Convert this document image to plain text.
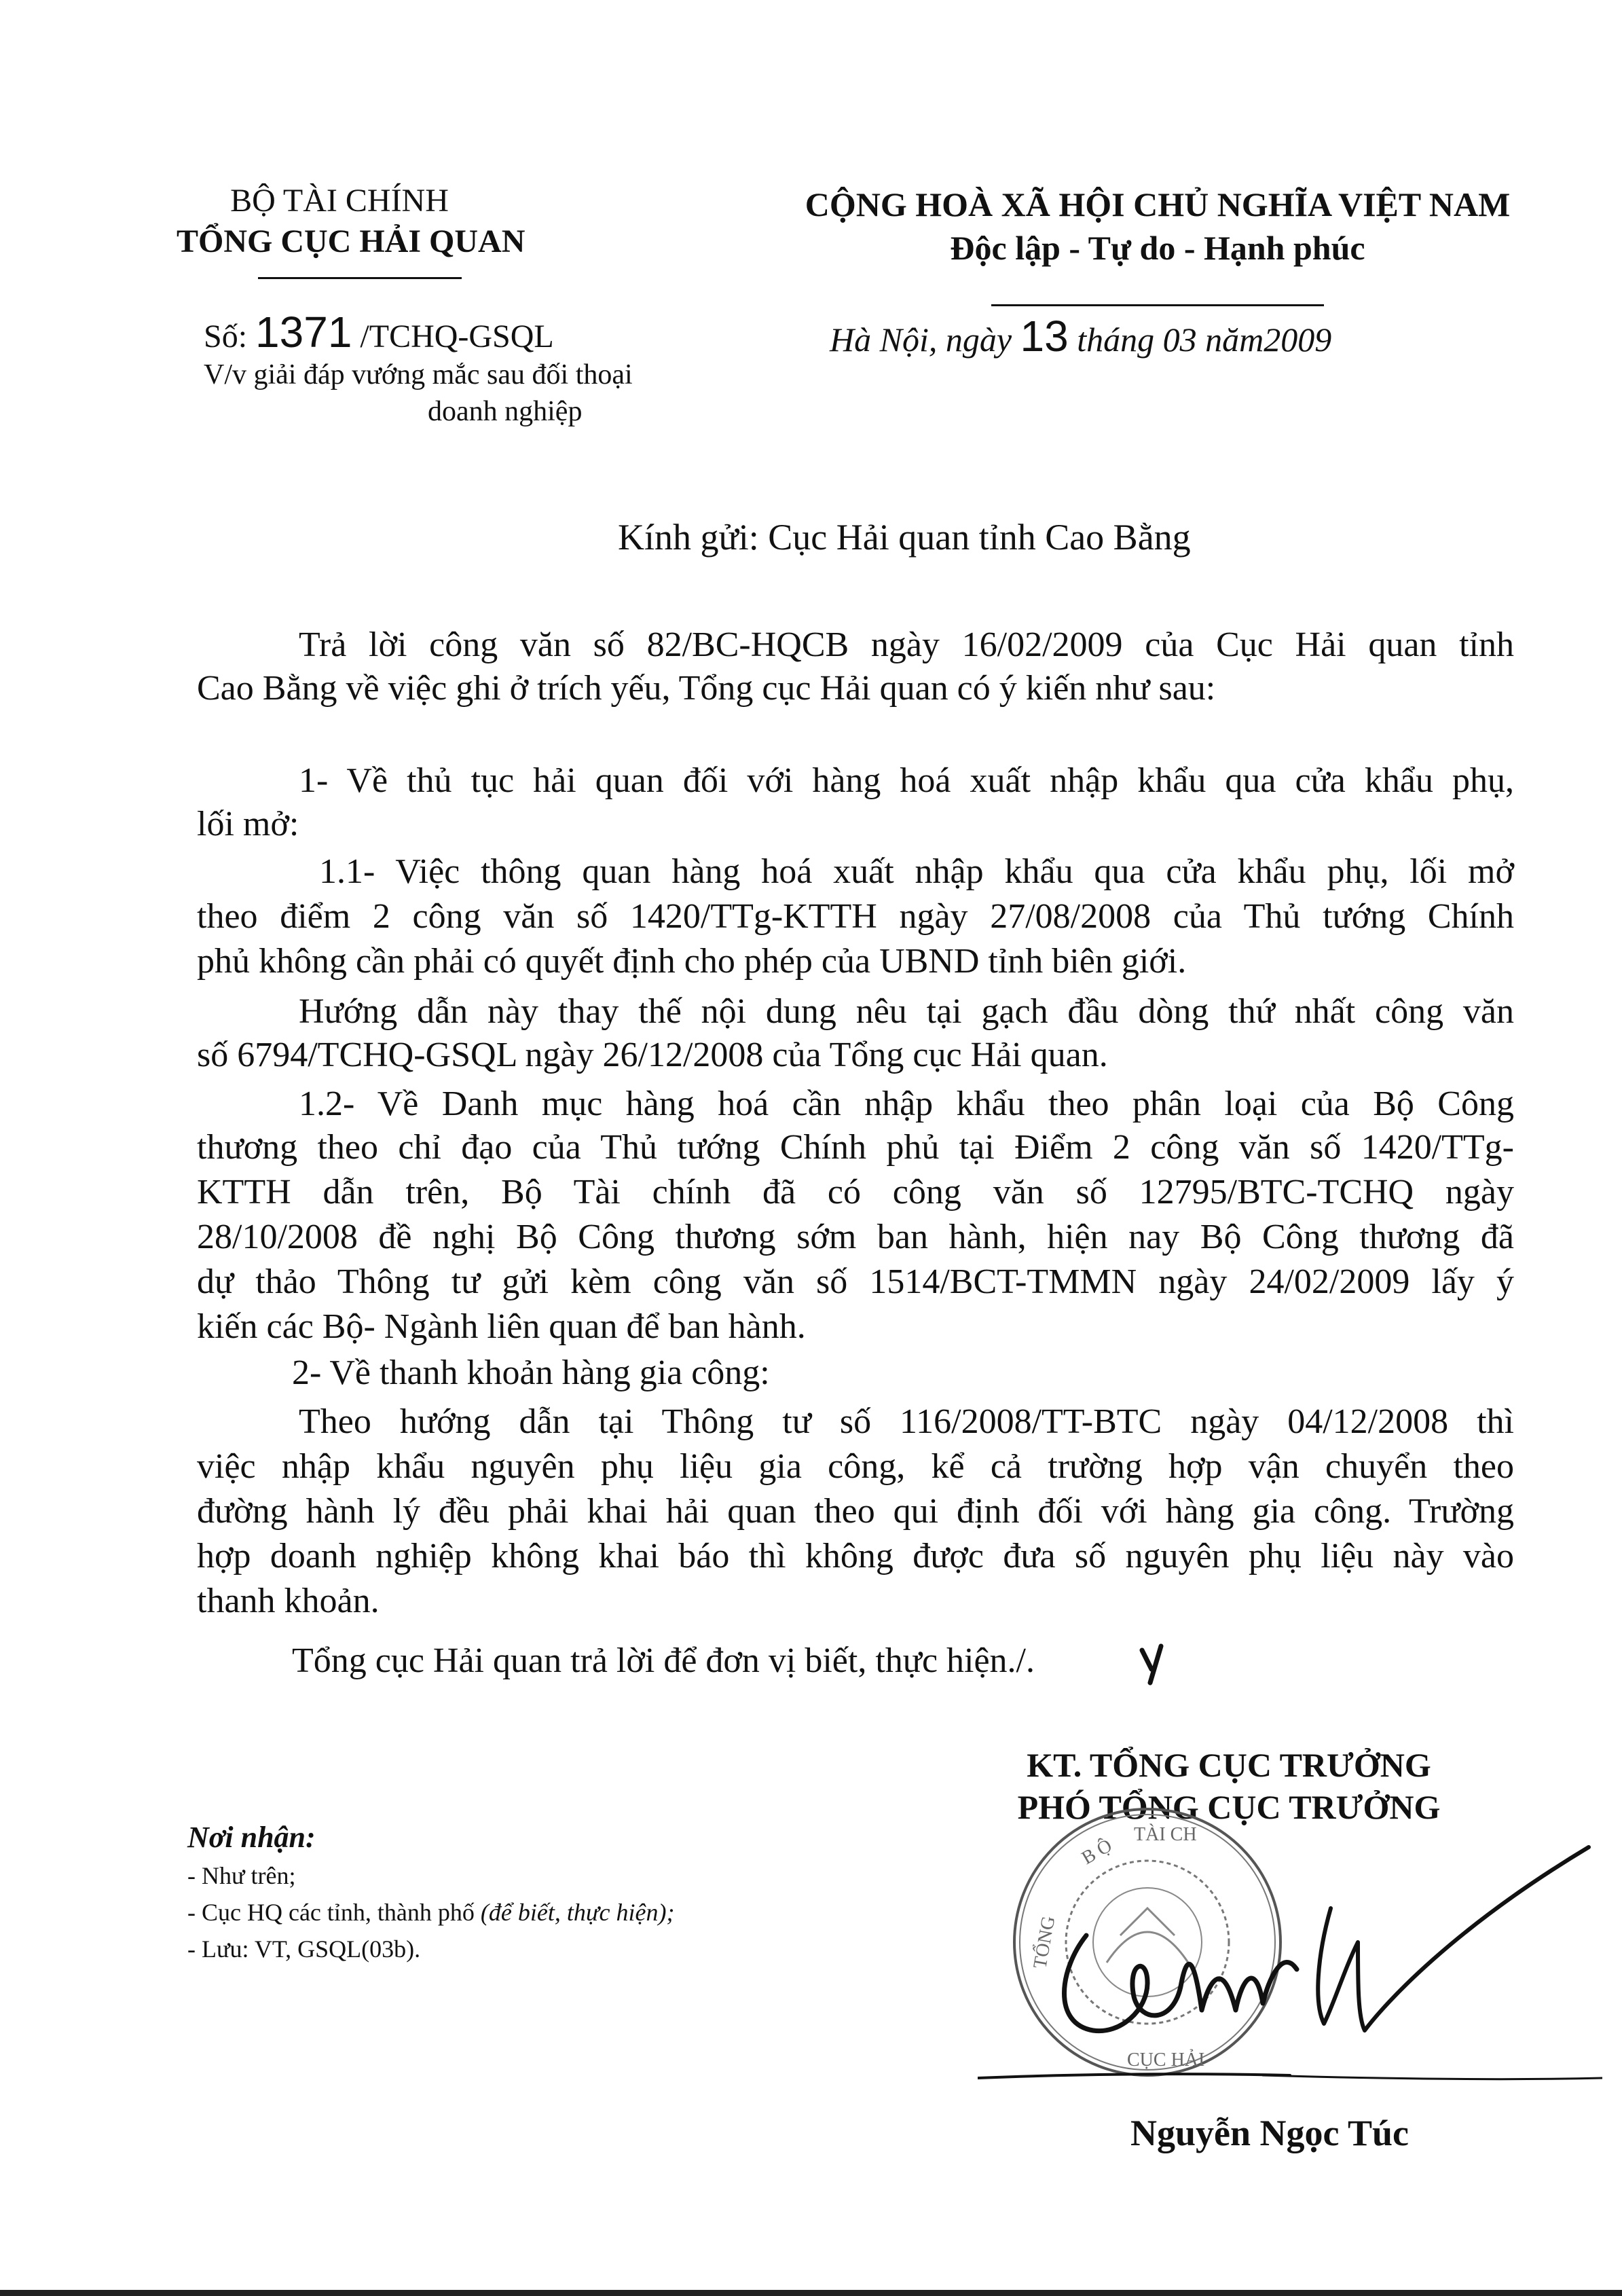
BỘ TÀI CHÍNH
TỔNG CỤC HẢI QUAN
CỘNG HOÀ XÃ HỘI CHỦ NGHĨA VIỆT NAM
Độc lập - Tự do - Hạnh phúc
Số: 1371 /TCHQ-GSQL
V/v giải đáp vướng mắc sau đối thoại
doanh nghiệp
Hà Nội, ngày 13 tháng 03 năm2009
Kính gửi: Cục Hải quan tỉnh Cao Bằng
Trả lời công văn số 82/BC-HQCB ngày 16/02/2009 của Cục Hải quan tỉnh
Cao Bằng về việc ghi ở trích yếu, Tổng cục Hải quan có ý kiến như sau:
1- Về thủ tục hải quan đối với hàng hoá xuất nhập khẩu qua cửa khẩu phụ,
lối mở:
1.1- Việc thông quan hàng hoá xuất nhập khẩu qua cửa khẩu phụ, lối mở
theo điểm 2 công văn số 1420/TTg-KTTH ngày 27/08/2008 của Thủ tướng Chính
phủ không cần phải có quyết định cho phép của UBND tỉnh biên giới.
Hướng dẫn này thay thế nội dung nêu tại gạch đầu dòng thứ nhất công văn
số 6794/TCHQ-GSQL ngày 26/12/2008 của Tổng cục Hải quan.
1.2- Về Danh mục hàng hoá cần nhập khẩu theo phân loại của Bộ Công
thương theo chỉ đạo của Thủ tướng Chính phủ tại Điểm 2 công văn số 1420/TTg-
KTTH dẫn trên, Bộ Tài chính đã có công văn số 12795/BTC-TCHQ ngày
28/10/2008 đề nghị Bộ Công thương sớm ban hành, hiện nay Bộ Công thương đã
dự thảo Thông tư gửi kèm công văn số 1514/BCT-TMMN ngày 24/02/2009 lấy ý
kiến các Bộ- Ngành liên quan để ban hành.
2- Về thanh khoản hàng gia công:
Theo hướng dẫn tại Thông tư số 116/2008/TT-BTC ngày 04/12/2008 thì
việc nhập khẩu nguyên phụ liệu gia công, kể cả trường hợp vận chuyển theo
đường hành lý đều phải khai hải quan theo qui định đối với hàng gia công. Trường
hợp doanh nghiệp không khai báo thì không được đưa số nguyên phụ liệu này vào
thanh khoản.
Tổng cục Hải quan trả lời để đơn vị biết, thực hiện./.
Nơi nhận:
- Như trên;
- Cục HQ các tỉnh, thành phố (để biết, thực hiện);
- Lưu: VT, GSQL(03b).
KT. TỔNG CỤC TRƯỞNG
PHÓ TỔNG CỤC TRƯỞNG
B Ộ
TÀI CH
TỔNG
CỤC HẢI
Nguyễn Ngọc Túc
